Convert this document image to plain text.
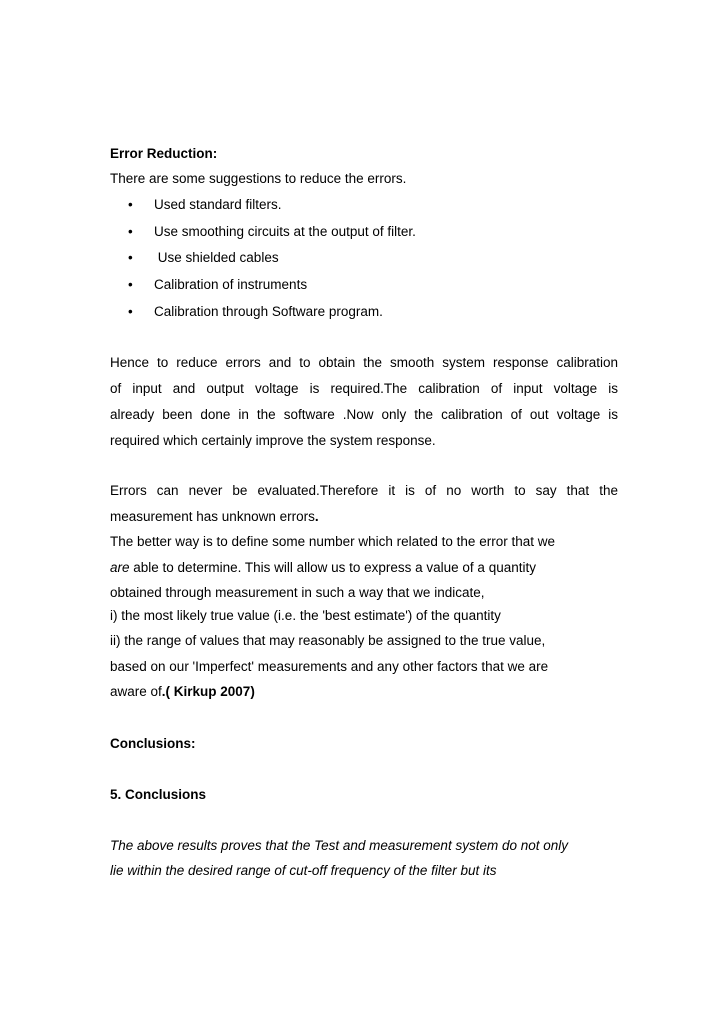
Error Reduction:
There are some suggestions to reduce the errors.
• Used standard filters.
• Use smoothing circuits at the output of filter.
• Use shielded cables
• Calibration of instruments
• Calibration through Software program.
Hence to reduce errors and to obtain the smooth system response calibration
of input and output voltage is required.The calibration of input voltage is
already been done in the software .Now only the calibration of out voltage is
required which certainly improve the system response.
Errors can never be evaluated.Therefore it is of no worth to say that the
measurement has unknown errors.
The better way is to define some number which related to the error that we
are able to determine. This will allow us to express a value of a quantity
obtained through measurement in such a way that we indicate,
i) the most likely true value (i.e. the 'best estimate') of the quantity
ii) the range of values that may reasonably be assigned to the true value,
based on our 'Imperfect' measurements and any other factors that we are
aware of.( Kirkup 2007)
Conclusions:
5. Conclusions
The above results proves that the Test and measurement system do not only
lie within the desired range of cut-off frequency of the filter but its
